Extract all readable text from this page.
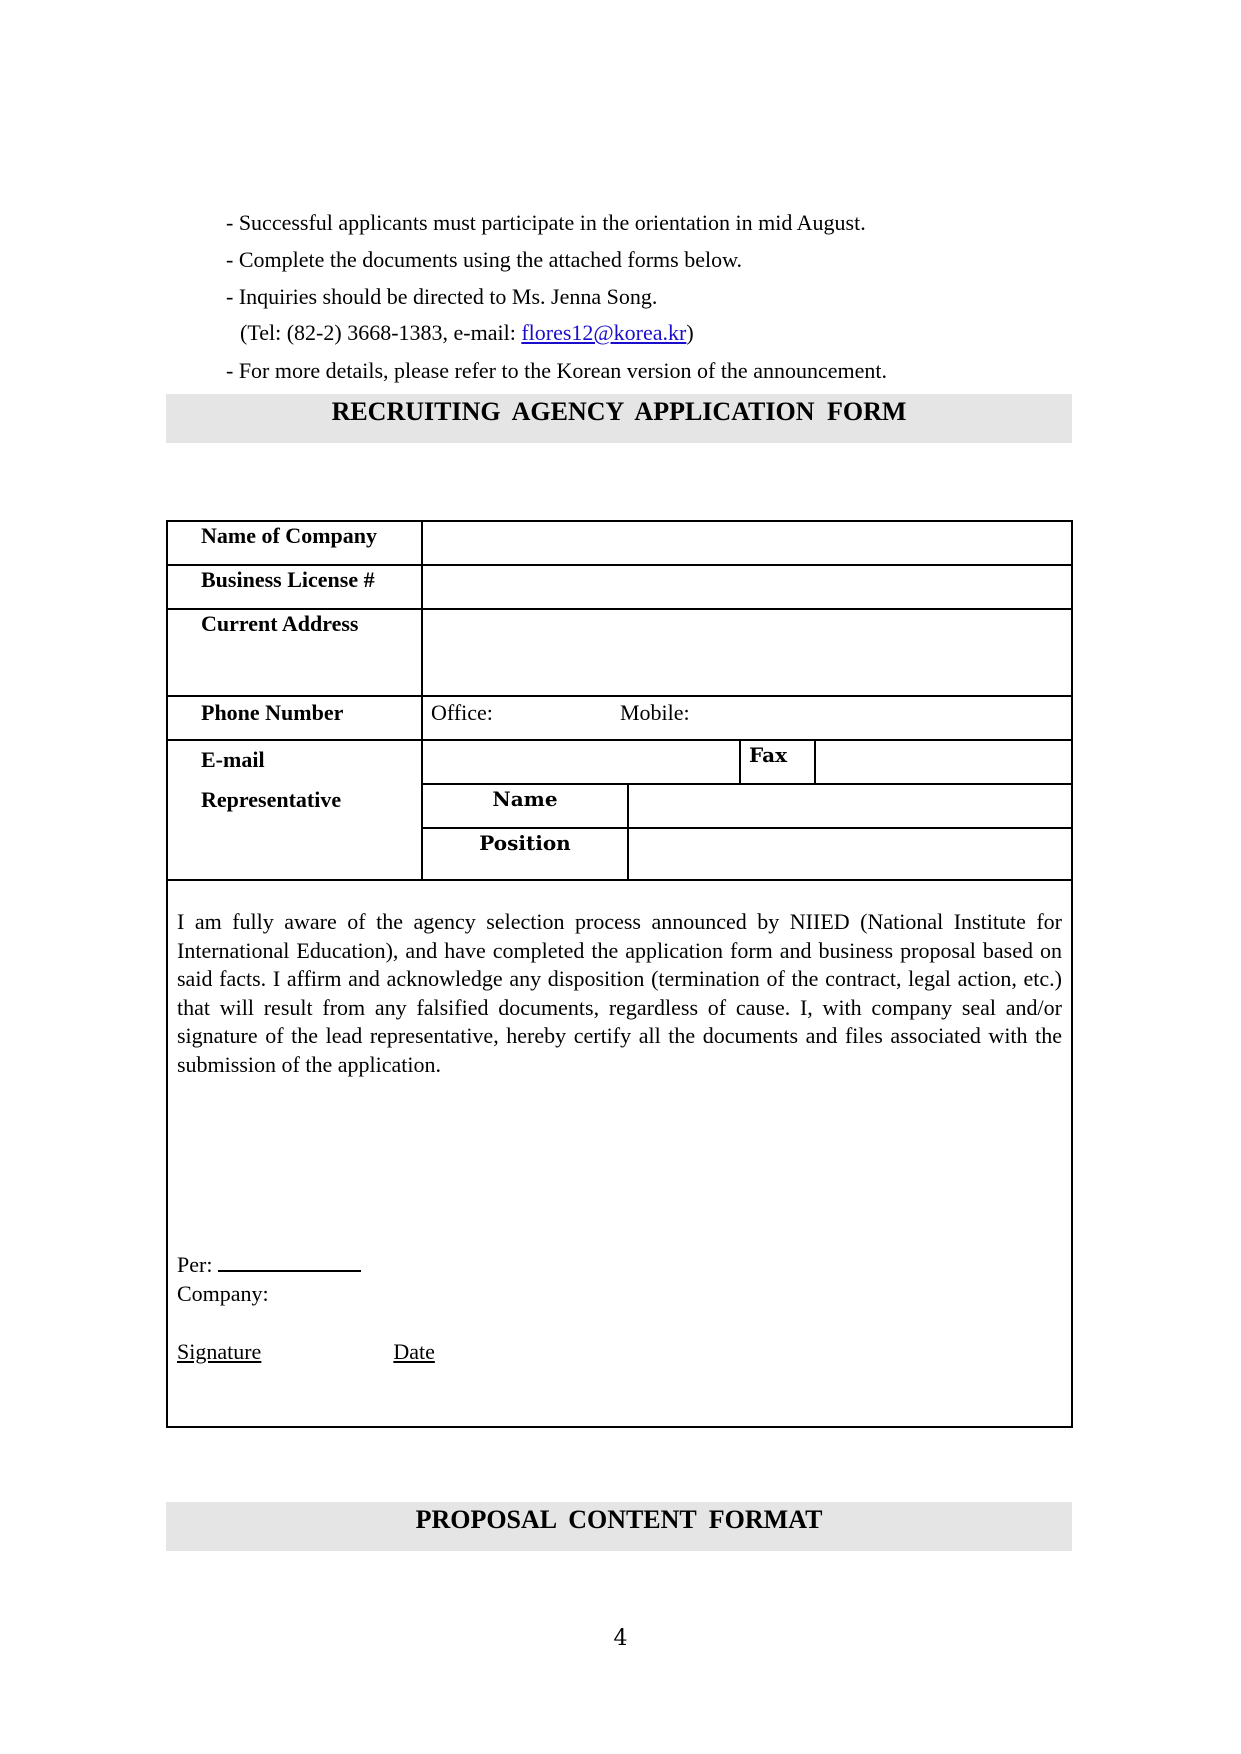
- Successful applicants must participate in the orientation in mid August.
- Complete the documents using the attached forms below.
- Inquiries should be directed to Ms. Jenna Song.
(Tel: (82-2) 3668-1383, e-mail: flores12@korea.kr)
- For more details, please refer to the Korean version of the announcement.
RECRUITING AGENCY APPLICATION FORM
Name of Company
Business License #
Current Address
Phone Number	Office:	Mobile:
E-mail	Fax
Representative	Name
Position
I am fully aware of the agency selection process announced by NIIED (National Institute for International Education), and have completed the application form and business proposal based on said facts. I affirm and acknowledge any disposition (termination of the contract, legal action, etc.) that will result from any falsified documents, regardless of cause. I, with company seal and/or signature of the lead representative, hereby certify all the documents and files associated with the submission of the application.
Per:
Company:
Signature	Date
PROPOSAL CONTENT FORMAT
4
